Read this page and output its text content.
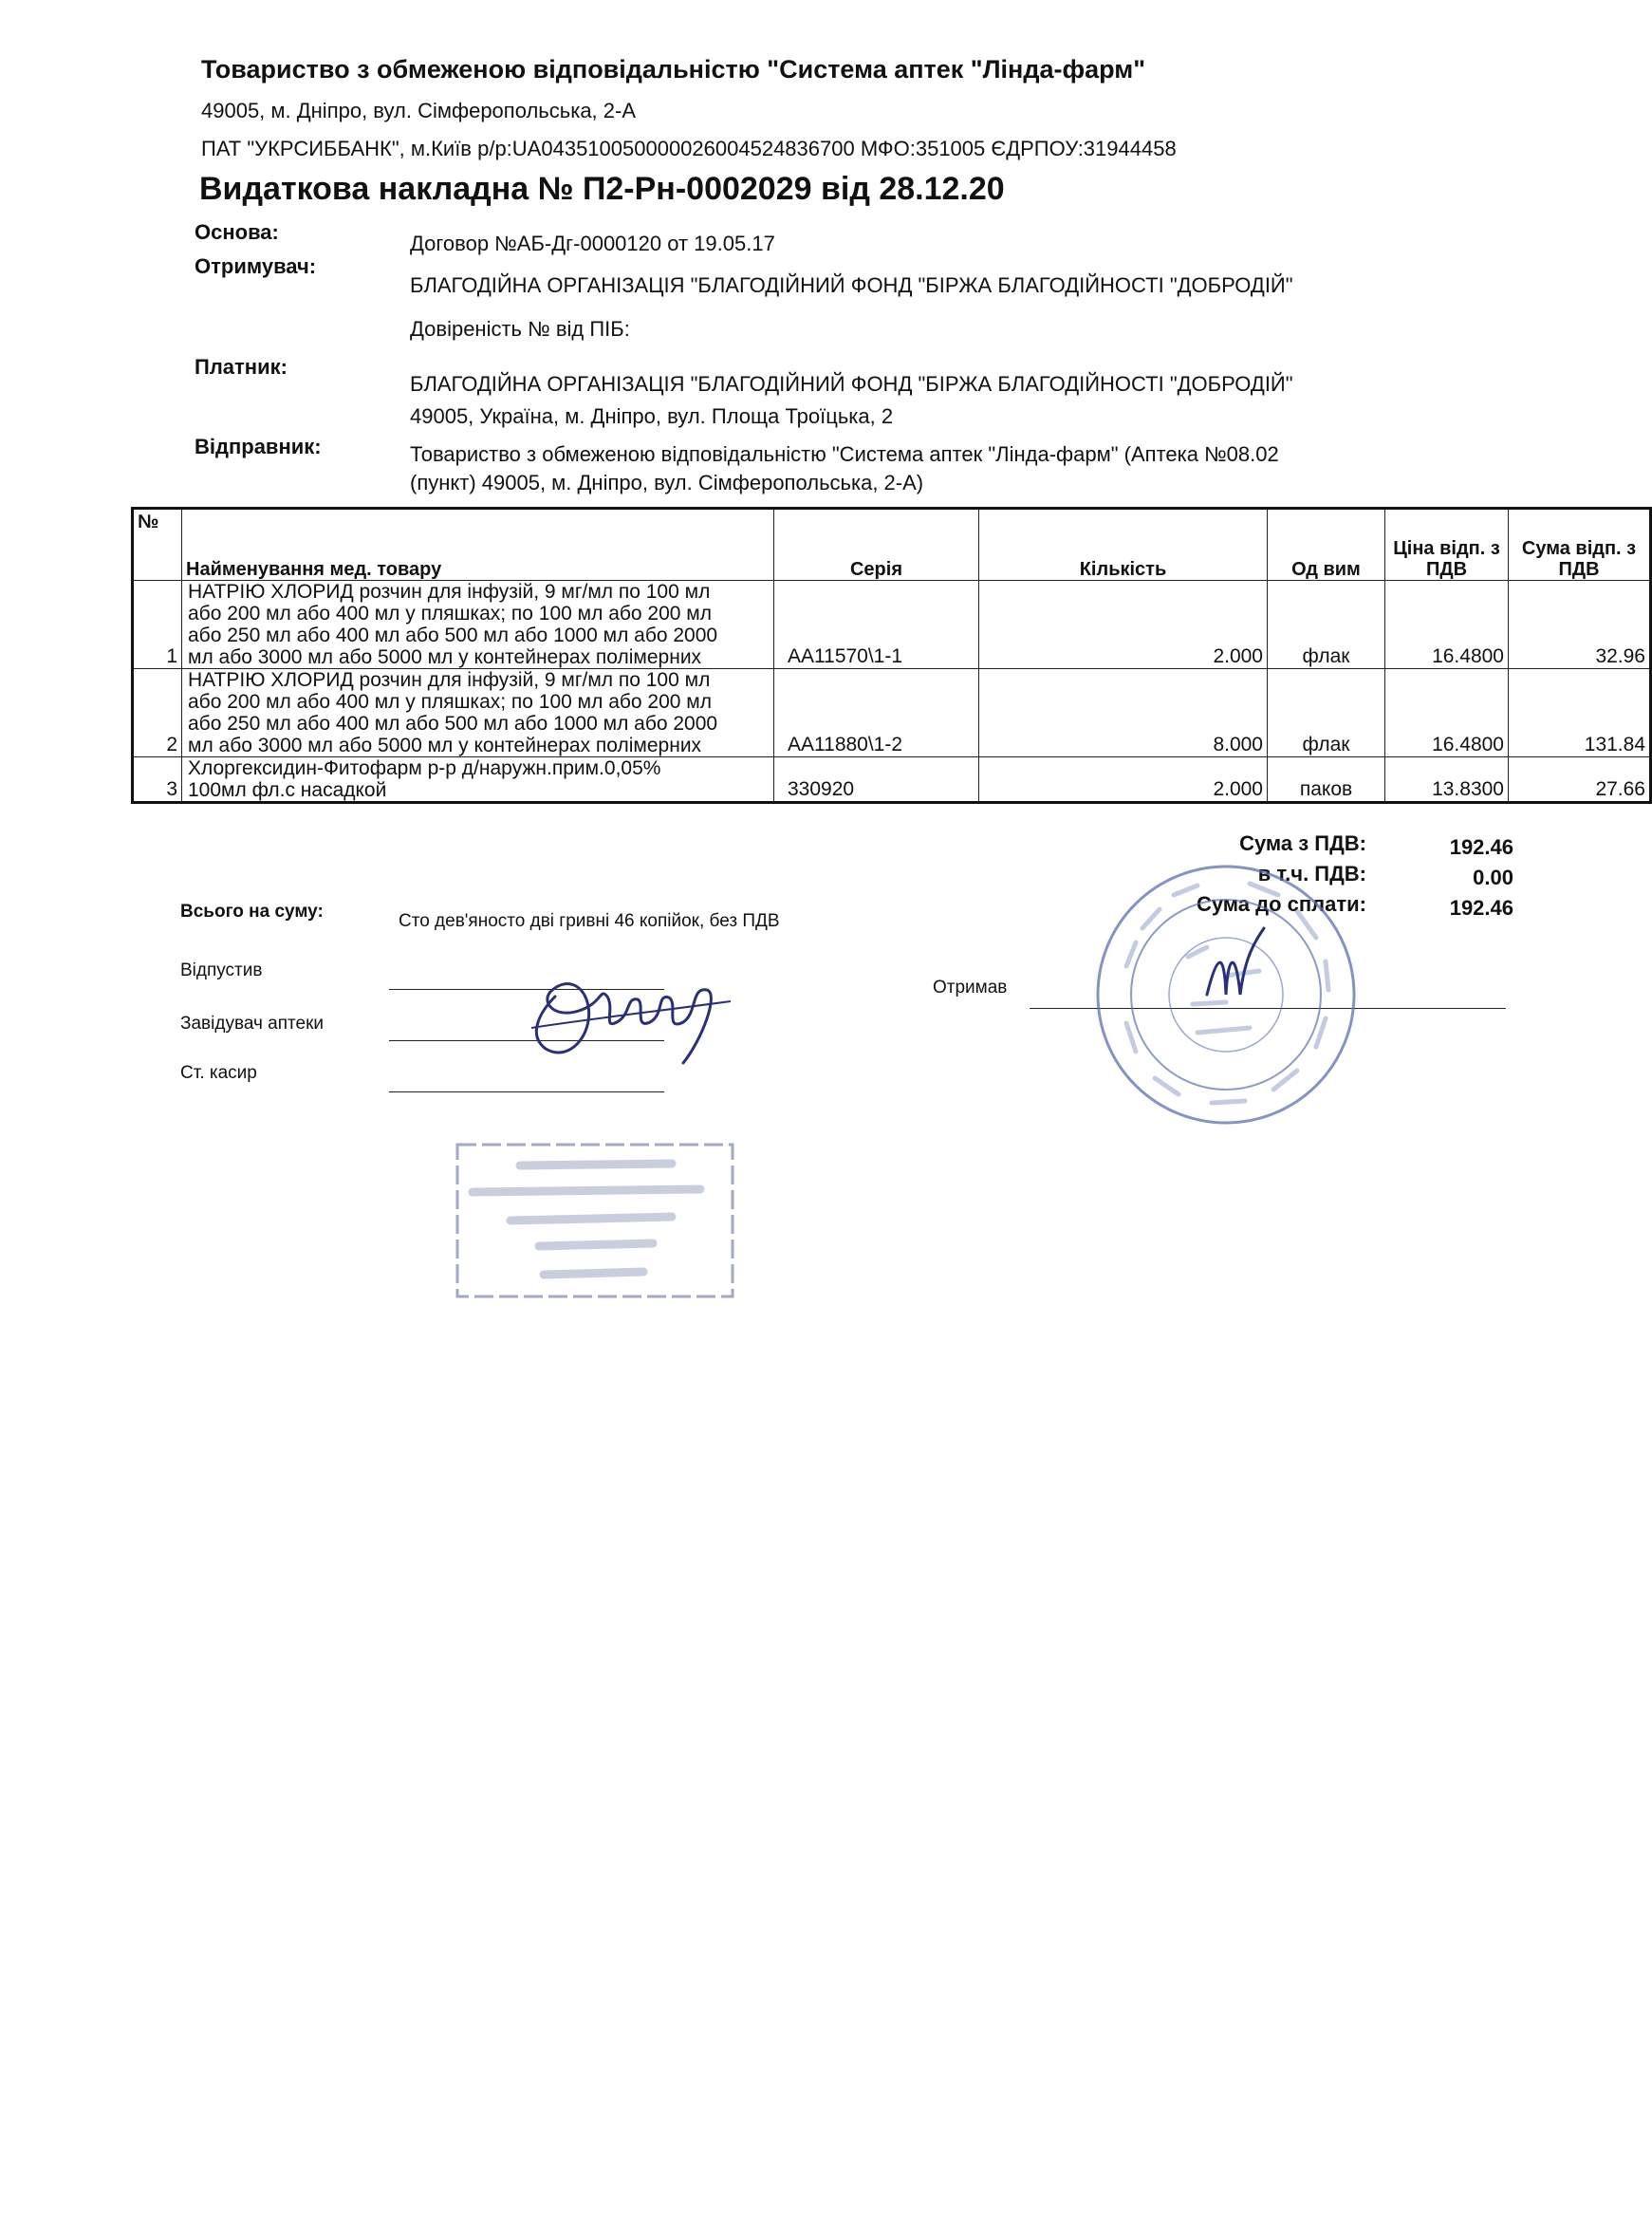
Товариство з обмеженою відповідальністю "Система аптек "Лінда-фарм"
49005, м. Дніпро, вул. Сімферопольська, 2-А
ПАТ "УКРСИББАНК", м.Київ р/р:UA043510050000026004524836700 МФО:351005 ЄДРПОУ:31944458
Видаткова накладна № П2-Рн-0002029 від 28.12.20
Основа:	Договор №АБ-Дг-0000120 от 19.05.17
Отримувач:
БЛАГОДІЙНА ОРГАНІЗАЦІЯ "БЛАГОДІЙНИЙ ФОНД "БІРЖА БЛАГОДІЙНОСТІ "ДОБРОДІЙ"
Довіреність № від ПІБ:
Платник:
БЛАГОДІЙНА ОРГАНІЗАЦІЯ "БЛАГОДІЙНИЙ ФОНД "БІРЖА БЛАГОДІЙНОСТІ "ДОБРОДІЙ"
49005, Україна, м. Дніпро, вул. Площа Троїцька, 2
Відправник:	Товариство з обмеженою відповідальністю "Система аптек "Лінда-фарм" (Аптека №08.02
(пункт) 49005, м. Дніпро, вул. Сімферопольська, 2-А)
№	Найменування мед. товару	Серія	Кількість	Од вим	Ціна відп. з ПДВ	Сума відп. з ПДВ
1	НАТРІЮ ХЛОРИД розчин для інфузій, 9 мг/мл по 100 мл
або 200 мл або 400 мл у пляшках; по 100 мл або 200 мл
або 250 мл або 400 мл або 500 мл або 1000 мл або 2000
мл або 3000 мл або 5000 мл у контейнерах полімерних	АА11570\1-1	2.000	флак	16.4800	32.96
2	НАТРІЮ ХЛОРИД розчин для інфузій, 9 мг/мл по 100 мл
або 200 мл або 400 мл у пляшках; по 100 мл або 200 мл
або 250 мл або 400 мл або 500 мл або 1000 мл або 2000
мл або 3000 мл або 5000 мл у контейнерах полімерних	АА11880\1-2	8.000	флак	16.4800	131.84
3	Хлоргексидин-Фитофарм р-р д/наружн.прим.0,05%
100мл фл.с насадкой	330920	2.000	паков	13.8300	27.66
Сума з ПДВ:	192.46
в т.ч. ПДВ:	0.00
Сума до сплати:	192.46
Всього на суму:	Сто дев'яносто дві гривні 46 копійок, без ПДВ
Відпустив
Завідувач аптеки
Ст. касир
Отримав
